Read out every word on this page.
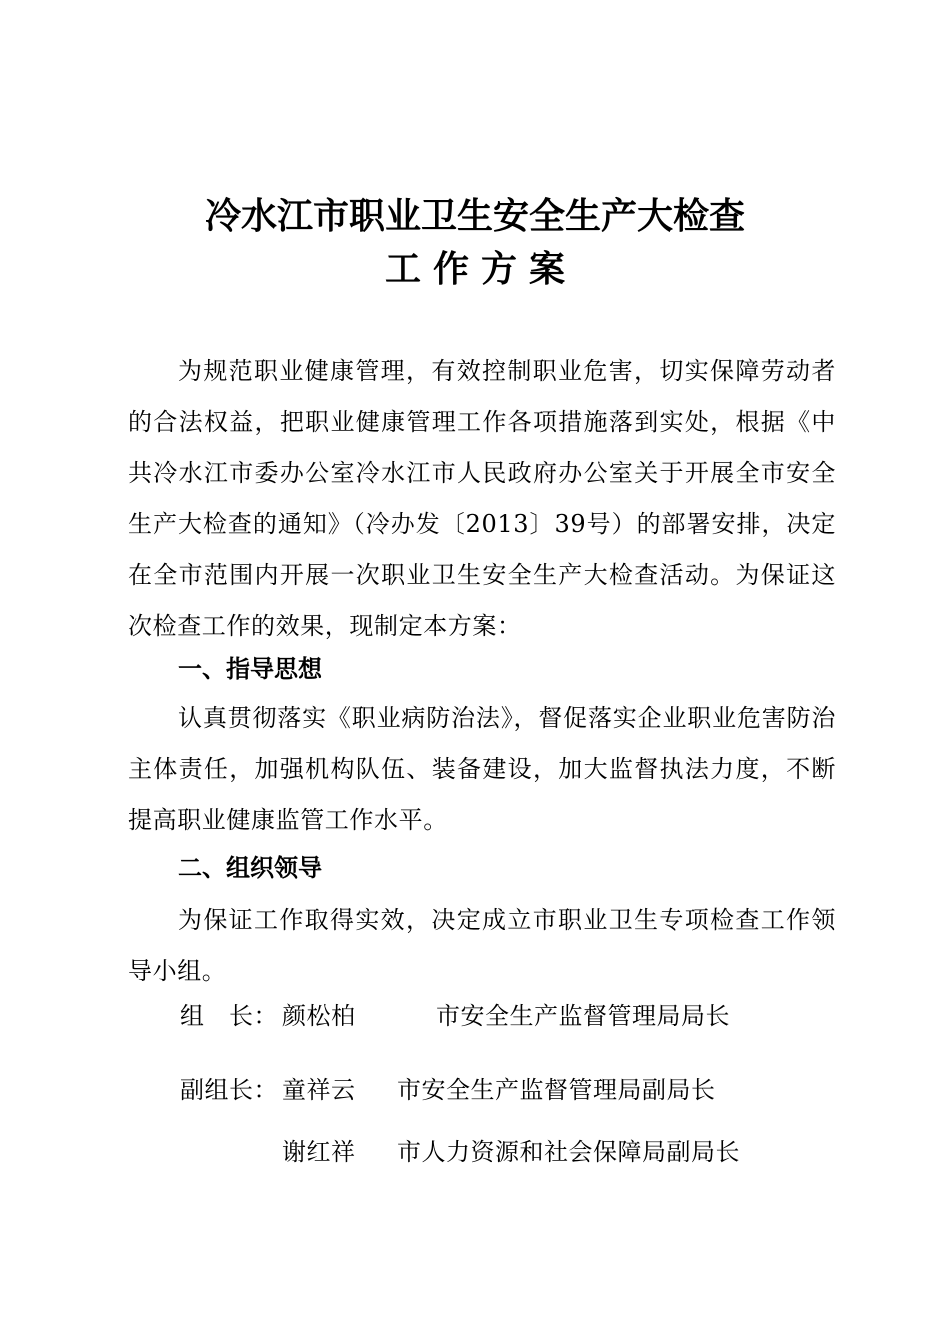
冷水江市职业卫生安全生产大检查
工作方案
为规范职业健康管理，有效控制职业危害，切实保障劳动者的合法权益，把职业健康管理工作各项措施落到实处，根据《中共冷水江市委办公室冷水江市人民政府办公室关于开展全市安全生产大检查的通知》（冷办发〔2013〕39号）的部署安排，决定在全市范围内开展一次职业卫生安全生产大检查活动。为保证这次检查工作的效果，现制定本方案：
一、指导思想
认真贯彻落实《职业病防治法》，督促落实企业职业危害防治主体责任，加强机构队伍、装备建设，加大监督执法力度，不断提高职业健康监管工作水平。
二、组织领导
为保证工作取得实效，决定成立市职业卫生专项检查工作领导小组。
组　长： 颜松柏	市安全生产监督管理局局长
副组长： 童祥云 市安全生产监督管理局副局长
谢红祥 市人力资源和社会保障局副局长
